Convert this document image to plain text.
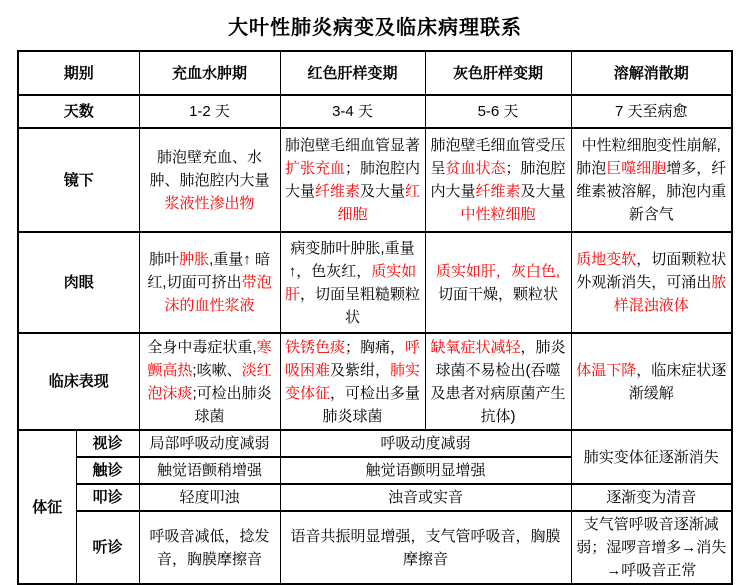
大叶性肺炎病变及临床病理联系
期别		充血水肿期	红色肝样变期	灰色肝样变期	溶解消散期
天数		1-2 天	3-4 天	5-6 天	7 天至病愈
镜下		肺泡壁充血、水肿、肺泡腔内大量浆液性渗出物	肺泡壁毛细血管显著扩张充血；肺泡腔内大量纤维素及大量红细胞	肺泡壁毛细血管受压呈贫血状态；肺泡腔内大量纤维素及大量中性粒细胞	中性粒细胞变性崩解,肺泡巨噬细胞增多，纤维素被溶解，肺泡内重新含气
肉眼		肺叶肿胀,重量↑ 暗红,切面可挤出带泡沫的血性浆液	病变肺叶肿胀,重量↑，色灰红，质实如肝，切面呈粗糙颗粒状	质实如肝，灰白色,切面干燥，颗粒状	质地变软，切面颗粒状外观渐消失，可涌出脓样混浊液体
临床表现		全身中毒症状重,寒颤高热;咳嗽、淡红泡沫痰;可检出肺炎球菌	铁锈色痰；胸痛，呼吸困难及紫绀，肺实变体征，可检出多量肺炎球菌	缺氧症状减轻，肺炎球菌不易检出(吞噬及患者对病原菌产生抗体)	体温下降，临床症状逐渐缓解
体征	视诊	局部呼吸动度减弱	呼吸动度减弱		肺实变体征逐渐消失
	触诊	触觉语颤稍增强	触觉语颤明显增强		
	叩诊	轻度叩浊	浊音或实音		逐渐变为清音
	听诊	呼吸音减低，捻发音，胸膜摩擦音	语音共振明显增强，支气管呼吸音，胸膜摩擦音		支气管呼吸音逐渐减弱；湿啰音增多→消失→呼吸音正常
